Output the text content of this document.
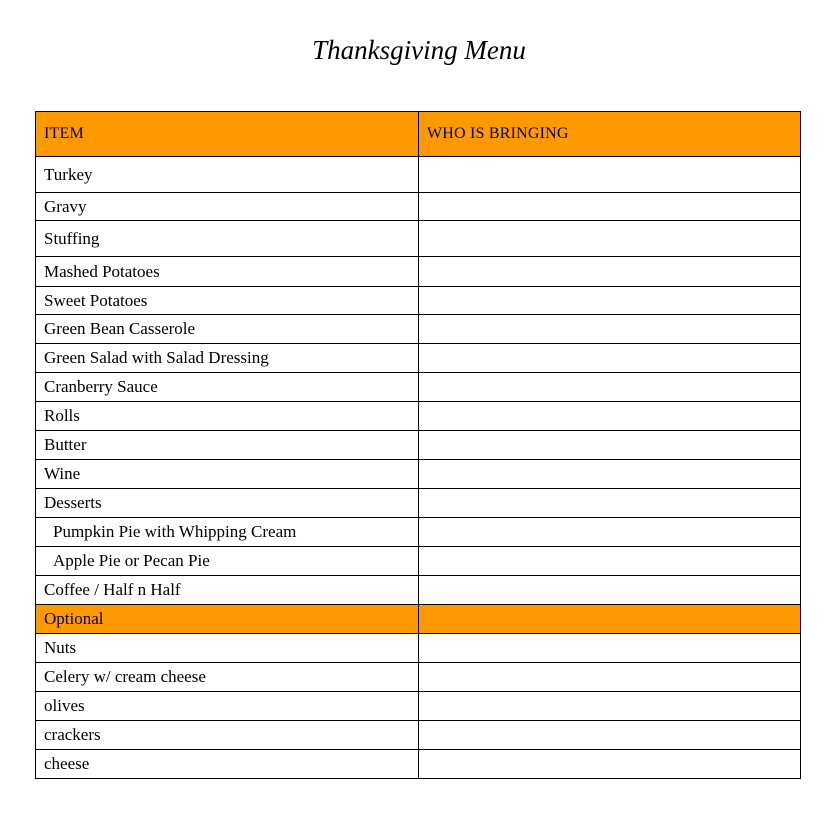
Thanksgiving Menu
ITEM	WHO IS BRINGING
Turkey	
Gravy	
Stuffing	
Mashed Potatoes	
Sweet Potatoes	
Green Bean Casserole	
Green Salad with Salad Dressing	
Cranberry Sauce	
Rolls	
Butter	
Wine	
Desserts	
Pumpkin Pie with Whipping Cream	
Apple Pie or Pecan Pie	
Coffee / Half n Half	
Optional	
Nuts	
Celery w/ cream cheese	
olives	
crackers	
cheese	
